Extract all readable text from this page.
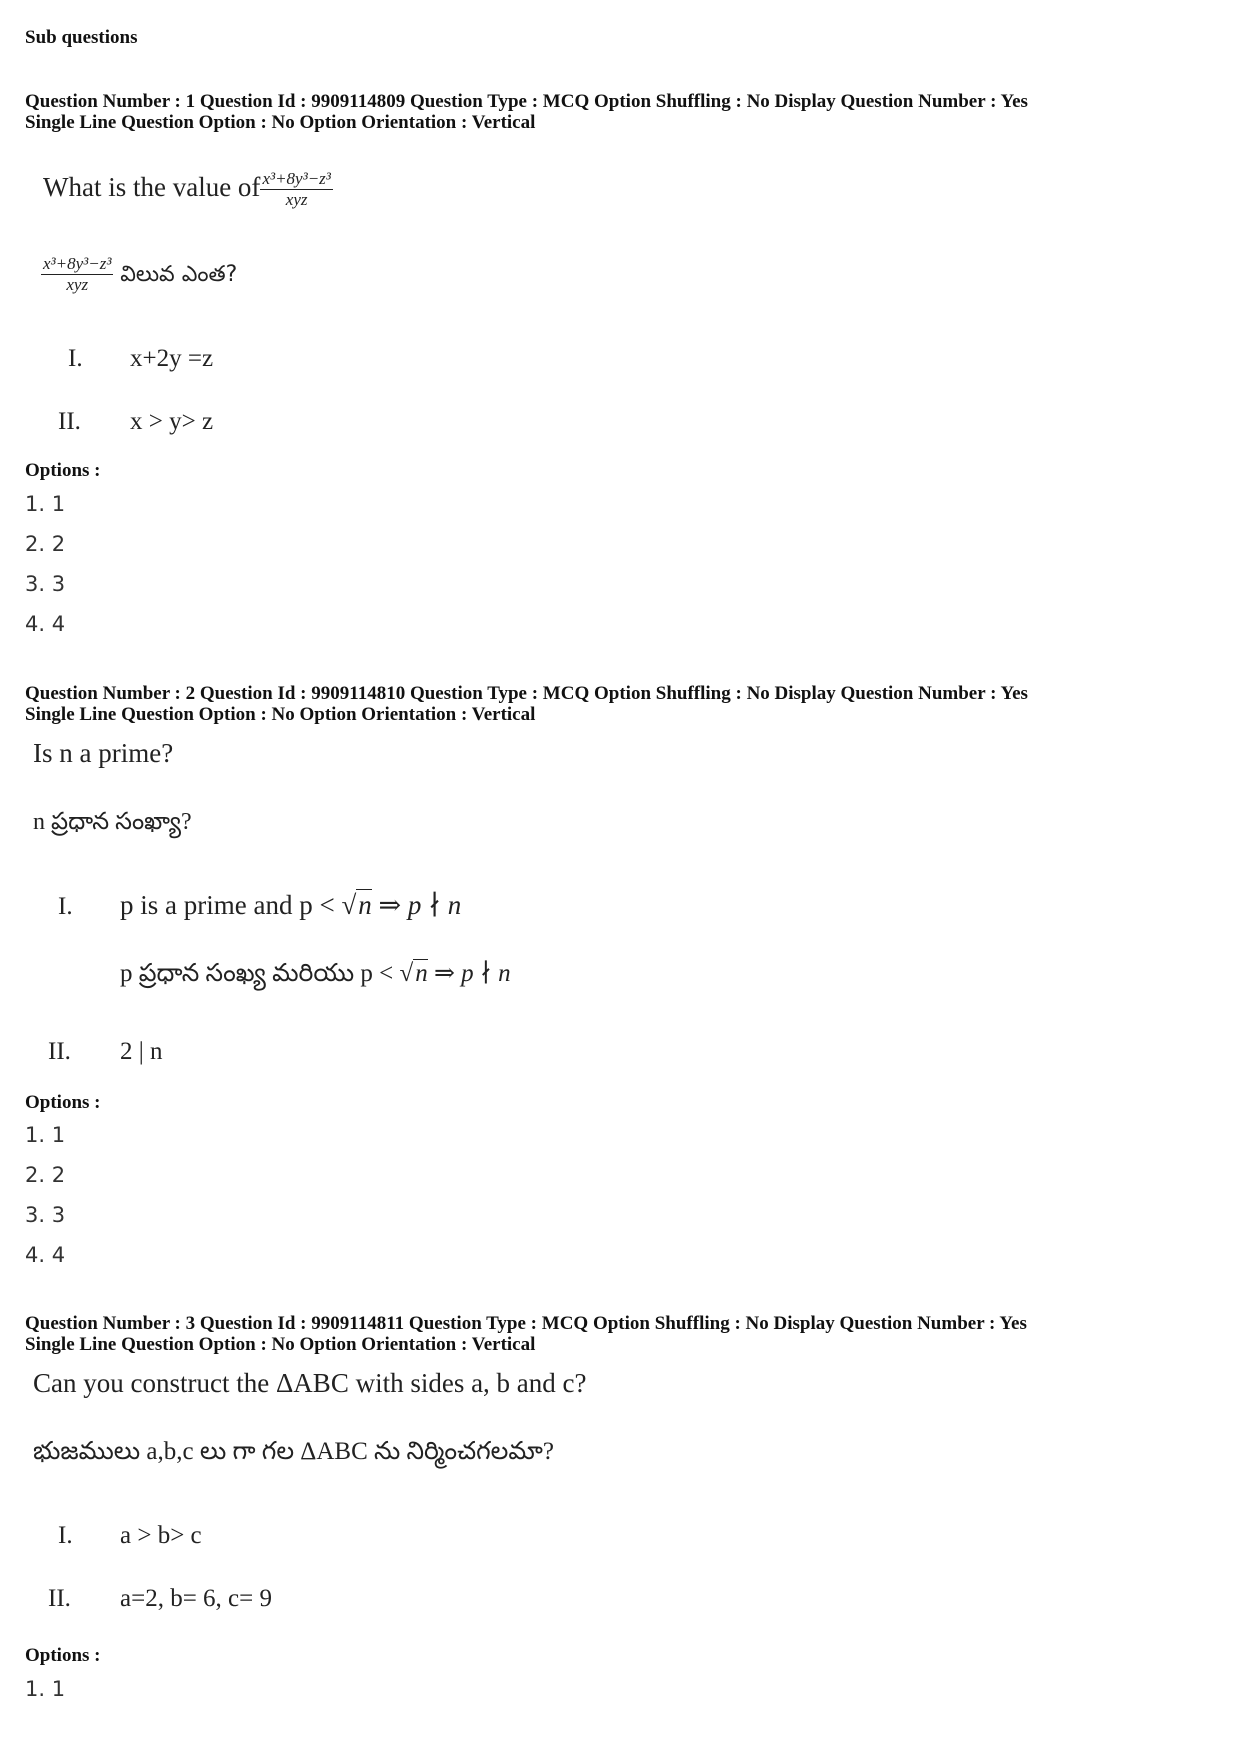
Sub questions
Question Number : 1 Question Id : 9909114809 Question Type : MCQ Option Shuffling : No Display Question Number : Yes
Single Line Question Option : No Option Orientation : Vertical
What is the value of $\frac{\text{x³+8y³−z³}}{\text{xyz}}$
$\frac{\text{x³+8y³−z³}}{\text{xyz}}$ విలువ ఎంత?
I. x+2y =z
II. x > y> z
Options :
1. 1
2. 2
3. 3
4. 4
Question Number : 2 Question Id : 9909114810 Question Type : MCQ Option Shuffling : No Display Question Number : Yes
Single Line Question Option : No Option Orientation : Vertical
Is n a prime?
n ప్రధాన సంఖ్యా?
I. p is a prime and p < √n ⇒ p ∤ n
p ప్రధాన సంఖ్య మరియు p < √n ⇒ p ∤ n
II. 2 | n
Options :
1. 1
2. 2
3. 3
4. 4
Question Number : 3 Question Id : 9909114811 Question Type : MCQ Option Shuffling : No Display Question Number : Yes
Single Line Question Option : No Option Orientation : Vertical
Can you construct the ΔABC with sides a, b and c?
భుజములు a,b,c లు గా గల ΔABC ను నిర్మించగలమా?
I. a > b> c
II. a=2, b= 6, c= 9
Options :
1. 1
